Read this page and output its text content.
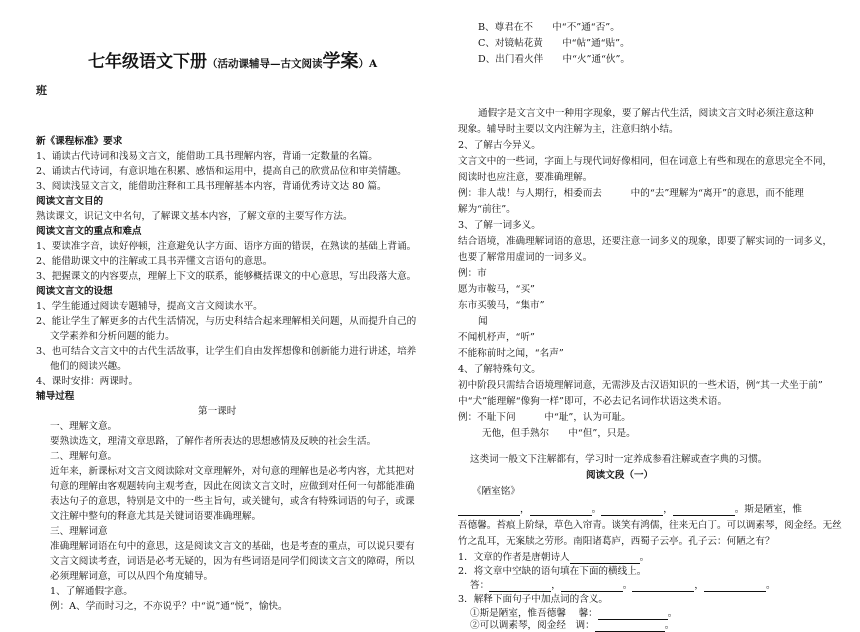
七年级语文下册（活动课辅导—古文阅读学案）A
班
新《课程标准》要求
1、诵读古代诗词和浅易文言文，能借助工具书理解内容，背诵一定数量的名篇。
2、诵读古代诗词，有意识地在积累、感悟和运用中，提高自己的欣赏品位和审美情趣。
3、阅读浅显文言文，能借助注释和工具书理解基本内容，背诵优秀诗文达 80 篇。
阅读文言文目的
熟读课文，识记文中名句，了解课文基本内容，了解文章的主要写作方法。
阅读文言文的重点和难点
1、要读准字音，读好停顿，注意避免认字方面、语序方面的错误，在熟读的基础上背诵。
2、能借助课文中的注解或工具书弄懂文言语句的意思。
3、把握课文的内容要点，理解上下文的联系，能够概括课文的中心意思，写出段落大意。
阅读文言文的设想
1、学生能通过阅读专题辅导，提高文言文阅读水平。
2、能让学生了解更多的古代生活情况，与历史科结合起来理解相关问题，从而提升自己的
文学素养和分析问题的能力。
3、也可结合文言文中的古代生活故事，让学生们自由发挥想像和创新能力进行讲述，培养
他们的阅读兴趣。
4、课时安排：两课时。
辅导过程
第一课时
一、理解文意。
要熟读选文，理清文章思路，了解作者所表达的思想感情及反映的社会生活。
二、理解句意。
近年来，新课标对文言文阅读除对文章理解外，对句意的理解也是必考内容，尤其把对
句意的理解由客观题转向主观考查，因此在阅读文言文时，应做到对任何一句都能准确
表达句子的意思，特别是文中的一些主旨句，或关键句，或含有特殊词语的句子，或课
文注解中整句的释意尤其是关键词语要准确理解。
三、理解词意
准确理解词语在句中的意思，这是阅读文言文的基础，也是考查的重点，可以说只要有
文言文阅读考查，词语是必考无疑的，因为有些词语是同学们阅读文言文的障碍，所以
必须理解词意，可以从四个角度辅导。
1、了解通假字意。
例：A、学而时习之，不亦说乎？中“说”通“悦”，愉快。
B、尊君在不　　中“不”通“否”。
C、对镜帖花黄　　中“帖”通“贴”。
D、出门看火伴　　中“火”通“伙”。
通假字是文言文中一种用字现象，要了解古代生活，阅读文言文时必须注意这种
现象。辅导时主要以文内注解为主，注意归纳小结。
2、了解古今异义。
文言文中的一些词，字面上与现代词好像相同，但在词意上有些和现在的意思完全不同，
阅读时也应注意，要准确理解。
例：非人哉！与人期行，相委而去　　　中的“去”理解为“离开”的意思，而不能理
解为“前往”。
3、了解一词多义。
结合语境，准确理解词语的意思，还要注意一词多义的现象，即要了解实词的一词多义，
也要了解常用虚词的一词多义。
例：市
愿为市鞍马，“买”
东市买骏马，“集市”
闻
不闻机杼声，“听”
不能称前时之闻，“名声”
4、了解特殊句文。
初中阶段只需结合语境理解词意，无需涉及古汉语知识的一些术语，例“其一犬坐于前”
中“犬”能理解“像狗一样”即可，不必去记名词作状语这类术语。
例：不耻下问　　　中“耻”，认为可耻。
无他，但手熟尔　　中“但”，只是。
这类词一般文下注解都有，学习时一定养成参看注解或查字典的习惯。
阅读文段（一）
《陋室铭》
，	。	，	。斯是陋室，惟
吾德馨。苔痕上阶绿，草色入帘青。谈笑有鸿儒，往来无白丁。可以调素琴，阅金经。无丝
竹之乱耳，无案牍之劳形。南阳诸葛庐，西蜀子云亭。孔子云：何陋之有？
1．文章的作者是唐朝诗人	。
2．将文章中空缺的语句填在下面的横线上。
答：	，	。	，	。
3．解释下面句子中加点词的含义。
①斯是陋室，惟吾德馨　 馨：	。
②可以调素琴，阅金经　调：	。
